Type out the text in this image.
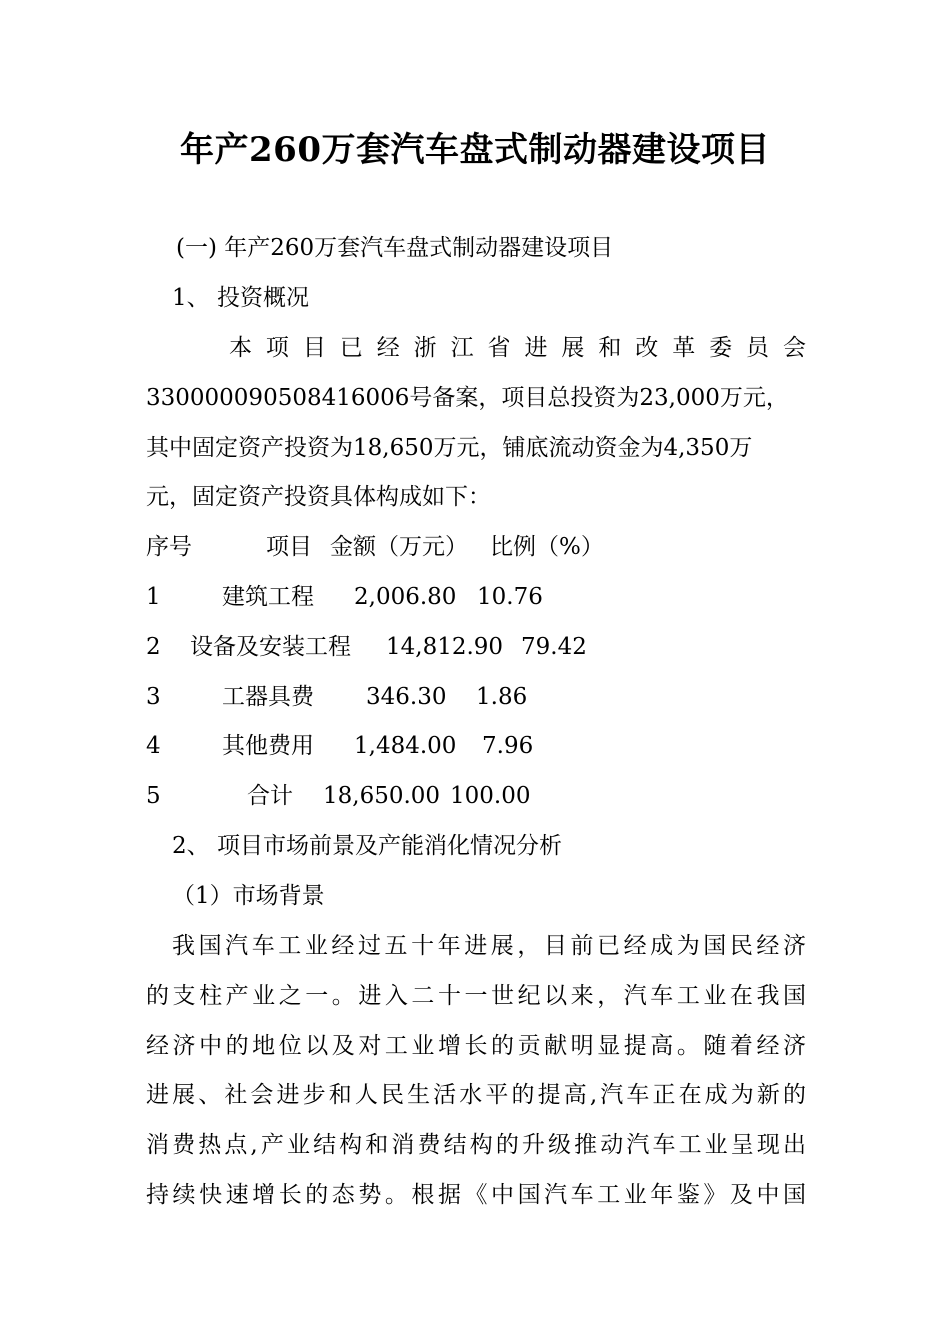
年产260万套汽车盘式制动器建设项目
(一) 年产260万套汽车盘式制动器建设项目
1、 投资概况
本 项 目 已 经 浙 江 省 进 展 和 改 革 委 员 会
330000090508416006号备案，项目总投资为23,000万元，
其中固定资产投资为18,650万元，铺底流动资金为4,350万
元，固定资产投资具体构成如下：
序号	项目 金额（万元） 比例（%）
1	建筑工程 2,006.80 10.76
2 设备及安装工程 14,812.90 79.42
3	工器具费 346.30 1.86
4	其他费用 1,484.00 7.96
5	合计 18,650.00 100.00
2、 项目市场前景及产能消化情况分析
（1）市场背景
我国汽车工业经过五十年进展，目前已经成为国民经济
的支柱产业之一。进入二十一世纪以来，汽车工业在我国
经济中的地位以及对工业增长的贡献明显提高。随着经济
进展、社会进步和人民生活水平的提高,汽车正在成为新的
消费热点,产业结构和消费结构的升级推动汽车工业呈现出
持续快速增长的态势。根据《中国汽车工业年鉴》及中国
